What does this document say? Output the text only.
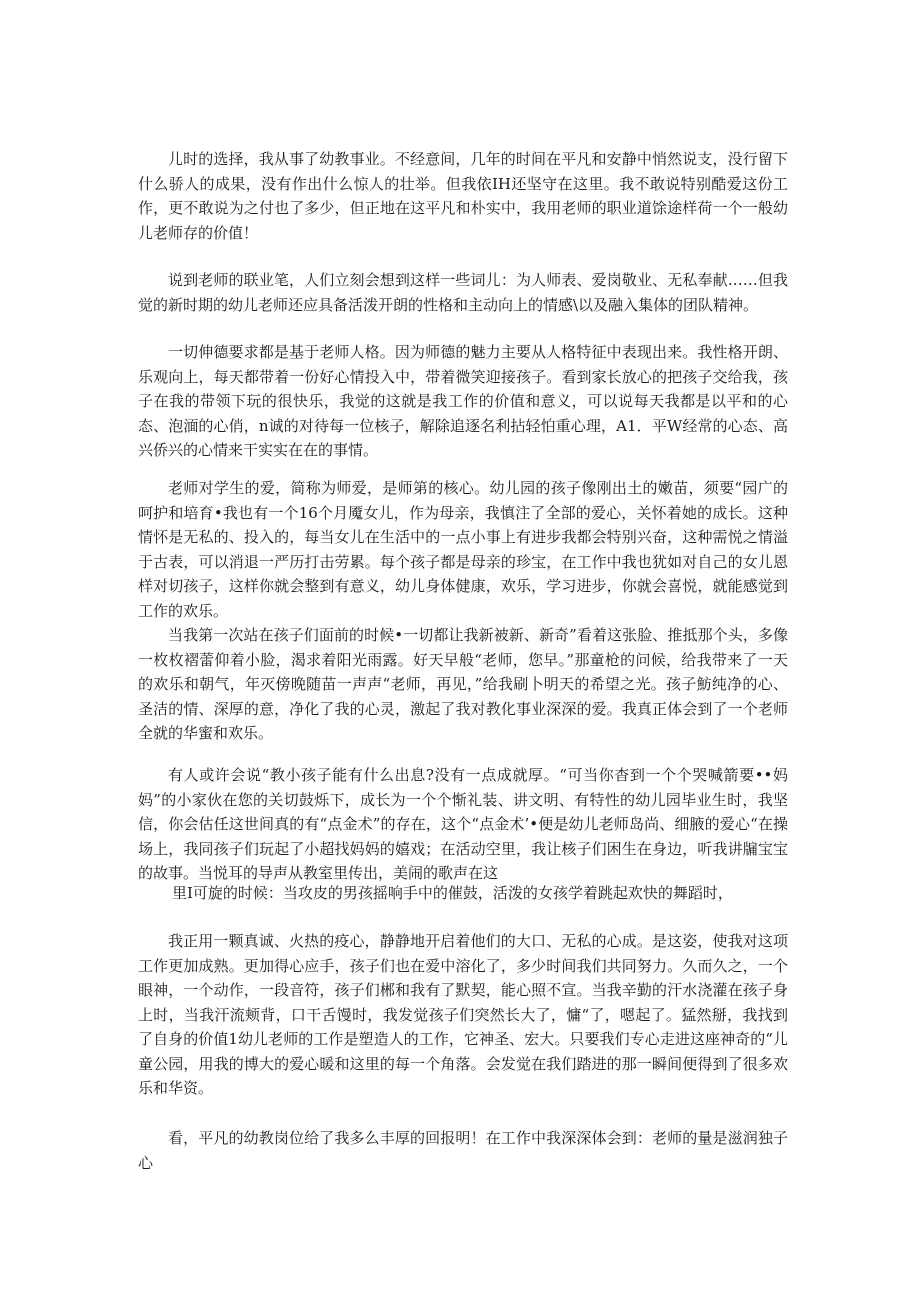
儿时的选择，我从事了幼教事业。不经意间，几年的时间在平凡和安静中悄然说支，没行留下什么骄人的成果，没有作出什么惊人的壮举。但我依IH还坚守在这里。我不敢说特别酷爱这份工作，更不敢说为之付也了多少，但正地在这平凡和朴实中，我用老师的职业道馀途样荷一个一般幼儿老师存的价值！

说到老师的联业笔，人们立刻会想到这样一些词儿：为人师表、爱岗敬业、无私奉献……但我觉的新时期的幼儿老师还应具备活泼开朗的性格和主动向上的情感\以及融入集体的团队精神。

一切伸德要求都是基于老师人格。因为师德的魅力主要从人格特征中表现出来。我性格开朗、乐观向上，每天都带着一份好心情投入中，带着微笑迎接孩子。看到家长放心的把孩子交给我，孩子在我的带领下玩的很快乐，我觉的这就是我工作的价值和意义，可以说每天我都是以平和的心态、泡湎的心俏，n诚的对待每一位核子，解除追逐名利拈轻怕重心理，A1．平W经常的心态、高兴侨兴的心情来干实实在在的事情。

老师对学生的爱，简称为师爱，是师第的核心。幼儿园的孩子像刚出土的嫩苗，须要“园广的呵护和培育•我也有一个16个月魇女儿，作为母亲，我慎注了全部的爱心，关怀着她的成长。这种情怀是无私的、投入的，每当女儿在生活中的一点小事上有进步我都会特别兴奋，这种需悦之情溢于古表，可以消退一严历打击劳累。每个孩子都是母亲的珍宝，在工作中我也犹如对自己的女儿恩样对切孩子，这样你就会整到有意义，幼儿身体健康，欢乐，学习进步，你就会喜悦，就能感觉到工作的欢乐。

当我第一次站在孩子们面前的时候•一切都让我新被新、新奇”看着这张脸、推抵那个头，多像一枚枚褶蕾仰着小脸，渴求着阳光雨露。好天早般“老师，您早。”那童枪的问候，给我带来了一天的欢乐和朝气，年灭傍晚随苗一声声“老师，再见，”给我刷卜明天的希望之光。孩子魴纯净的心、圣洁的情、深厚的意，净化了我的心灵，激起了我对教化事业深深的爱。我真正体会到了一个老师全就的华蜜和欢乐。

有人或许会说“教小孩子能有什么出息?没有一点成就厚。“可当你杳到一个个哭喊箭要••妈妈”的小家伙在您的关切鼓烁下，成长为一个个惭礼装、讲文明、有特性的幼儿园毕业生时，我坚信，你会估任这世间真的有“点金术”的存在，这个“点金术’•便是幼儿老师岛尚、细腋的爱心“在操场上，我同孩子们玩起了小超找妈妈的嬉戏；在活动空里，我让核子们困生在身边，听我讲牖宝宝的故事。当悦耳的导声从教室里传出，美闹的歌声在这

里I可旋的时候：当攻皮的男孩摇响手中的催鼓，活泼的女孩学着跳起欢快的舞蹈时，

我正用一颗真诚、火热的疫心，静静地开启着他们的大口、无私的心成。是这姿，使我对这项工作更加成熟。更加得心应手，孩子们也在爱中溶化了，多少时间我们共同努力。久而久之，一个眼神，一个动作，一段音符，孩子们郴和我有了默契，能心照不宣。当我辛勤的汗水浇灌在孩子身上时，当我汗流颊背，口干舌馒时，我发觉孩子们突然长大了，慵“了，嗯起了。猛然掰，我找到了自身的价值1幼儿老师的工作是塑造人的工作，它神圣、宏大。只要我们专心走进这座神奇的“儿童公园，用我的博大的爱心暖和这里的每一个角落。会发觉在我们踏进的那一瞬间便得到了很多欢乐和华资。

看，平凡的幼教岗位给了我多么丰厚的回报明！在工作中我深深体会到：老师的量是滋润独子心
